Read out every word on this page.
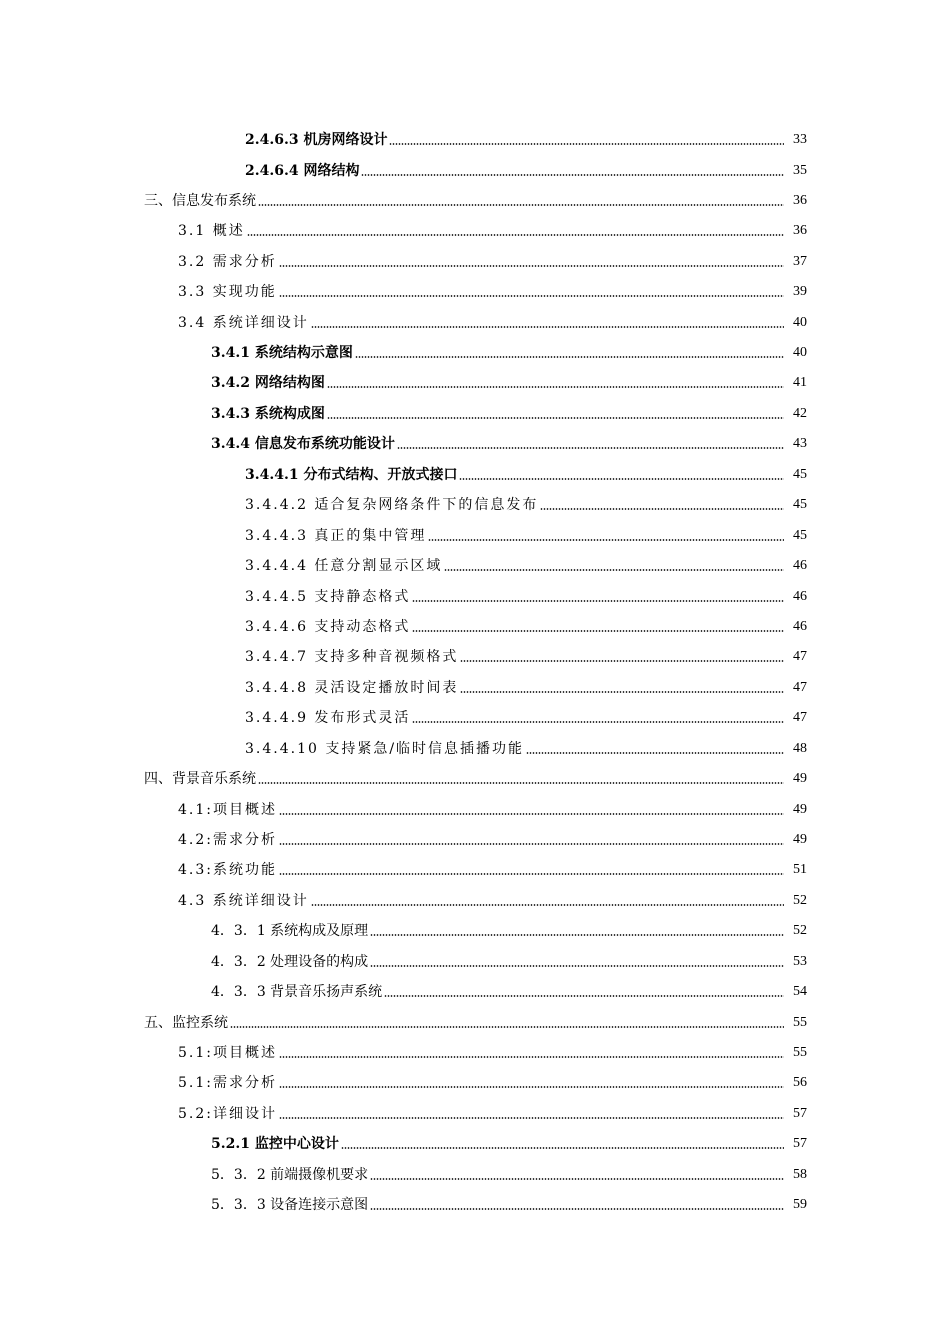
2.4.6.3 机房网络设计	33
2.4.6.4 网络结构	35
三、信息发布系统	36
3.1 概述	36
3.2 需求分析	37
3.3 实现功能	39
3.4 系统详细设计	40
3.4.1 系统结构示意图	40
3.4.2 网络结构图	41
3.4.3 系统构成图	42
3.4.4 信息发布系统功能设计	43
3.4.4.1 分布式结构、开放式接口	45
3.4.4.2 适合复杂网络条件下的信息发布	45
3.4.4.3 真正的集中管理	45
3.4.4.4 任意分割显示区域	46
3.4.4.5 支持静态格式	46
3.4.4.6 支持动态格式	46
3.4.4.7 支持多种音视频格式	47
3.4.4.8 灵活设定播放时间表	47
3.4.4.9 发布形式灵活	47
3.4.4.10 支持紧急/临时信息插播功能	48
四、背景音乐系统	49
4.1:项目概述	49
4.2:需求分析	49
4.3:系统功能	51
4.3 系统详细设计	52
4．3．1 系统构成及原理	52
4．3．2 处理设备的构成	53
4．3．3 背景音乐扬声系统	54
五、监控系统	55
5.1:项目概述	55
5.1:需求分析	56
5.2:详细设计	57
5.2.1 监控中心设计	57
5．3．2 前端摄像机要求	58
5．3．3 设备连接示意图	59
